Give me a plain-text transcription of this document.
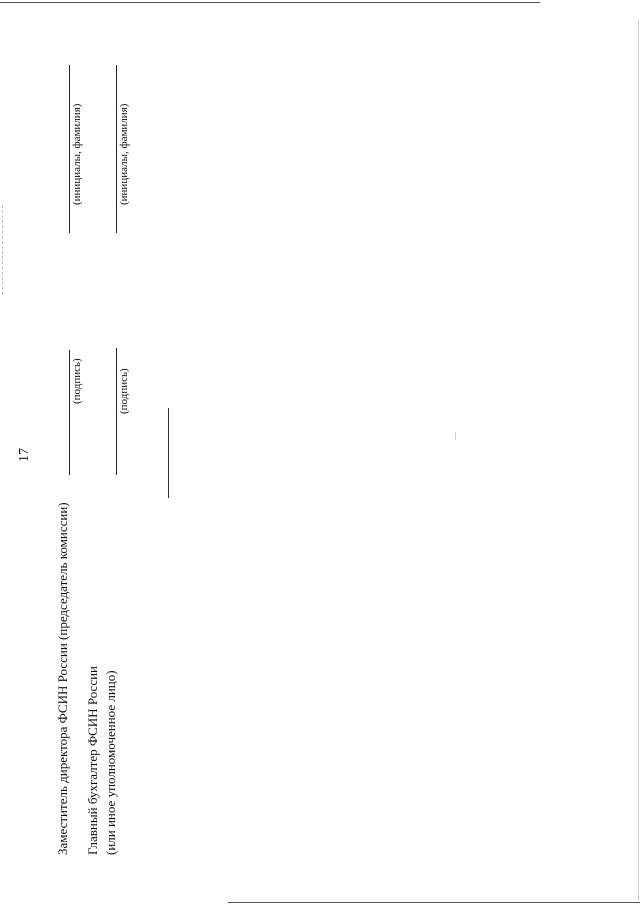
17
Заместитель директора ФСИН России (председатель комиссии)
(подпись)
(инициалы, фамилия)
Главный бухгалтер ФСИН России (или иное уполномоченное лицо)
(подпись)
(инициалы, фамилия)
